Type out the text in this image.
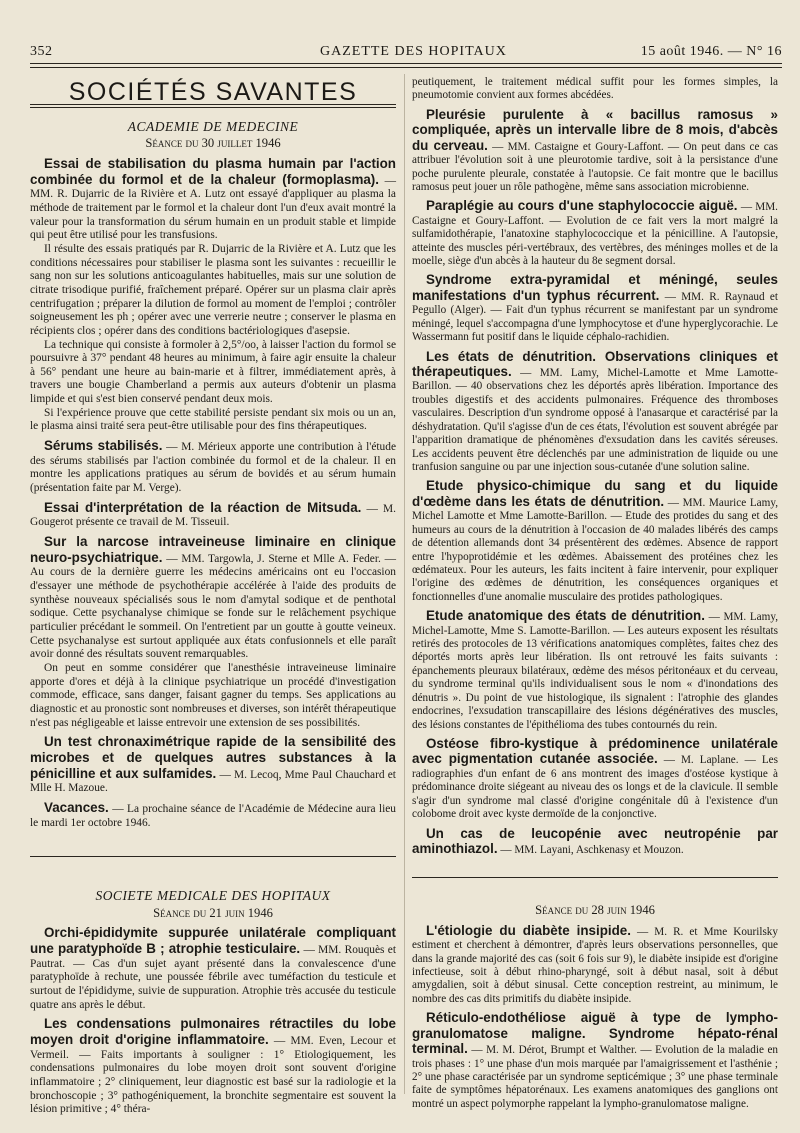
352	GAZETTE DES HOPITAUX	15 août 1946. — N° 16
SOCIÉTÉS SAVANTES
ACADEMIE DE MEDECINE
Séance du 30 juillet 1946

Essai de stabilisation du plasma humain par l'action combinée du formol et de la chaleur (formoplasma). — MM. R. Dujarric de la Rivière et A. Lutz ont essayé d'appliquer au plasma la méthode de traitement par le formol et la chaleur dont l'un d'eux avait montré la valeur pour la transformation du sérum humain en un produit stable et limpide qui peut être utilisé pour les transfusions.

Il résulte des essais pratiqués par R. Dujarric de la Rivière et A. Lutz que les conditions nécessaires pour stabiliser le plasma sont les suivantes : recueillir le sang non sur les solutions anticoagulantes habituelles, mais sur une solution de citrate trisodique purifié, fraîchement préparé. Opérer sur un plasma clair après centrifugation ; préparer la dilution de formol au moment de l'emploi ; contrôler soigneusement les ph ; opérer avec une verrerie neutre ; conserver le plasma en récipients clos ; opérer dans des conditions bactériologiques d'asepsie.

La technique qui consiste à formoler à 2,5°/oo, à laisser l'action du formol se poursuivre à 37° pendant 48 heures au minimum, à faire agir ensuite la chaleur à 56° pendant une heure au bain-marie et à filtrer, immédiatement après, à travers une bougie Chamberland a permis aux auteurs d'obtenir un plasma limpide et qui s'est bien conservé pendant deux mois.

Si l'expérience prouve que cette stabilité persiste pendant six mois ou un an, le plasma ainsi traité sera peut-être utilisable pour des fins thérapeutiques.

Sérums stabilisés. — M. Mérieux apporte une contribution à l'étude des sérums stabilisés par l'action combinée du formol et de la chaleur. Il en montre les applications pratiques au sérum de bovidés et au sérum humain (présentation faite par M. Verge).

Essai d'interprétation de la réaction de Mitsuda. — M. Gougerot présente ce travail de M. Tisseuil.

Sur la narcose intraveineuse liminaire en clinique neuro-psychiatrique. — MM. Targowla, J. Sterne et Mlle A. Feder. — Au cours de la dernière guerre les médecins américains ont eu l'occasion d'essayer une méthode de psychothérapie accélérée à l'aide des produits de synthèse nouveaux spécialisés sous le nom d'amytal sodique et de penthotal sodique. Cette psychanalyse chimique se fonde sur le relâchement psychique particulier précédant le sommeil. On l'entretient par un goutte à goutte veineux. Cette psychanalyse est surtout appliquée aux états confusionnels et elle paraît avoir donné des résultats souvent remarquables.

On peut en somme considérer que l'anesthésie intraveineuse liminaire apporte d'ores et déjà à la clinique psychiatrique un procédé d'investigation commode, efficace, sans danger, faisant gagner du temps. Ses applications au diagnostic et au pronostic sont nombreuses et diverses, son intérêt thérapeutique n'est pas négligeable et laisse entrevoir une extension de ses possibilités.

Un test chronaximétrique rapide de la sensibilité des microbes et de quelques autres substances à la pénicilline et aux sulfamides. — M. Lecoq, Mme Paul Chauchard et Mlle H. Mazoue.

Vacances. — La prochaine séance de l'Académie de Médecine aura lieu le mardi 1er octobre 1946.

SOCIETE MEDICALE DES HOPITAUX
Séance du 21 juin 1946

Orchi-épididymite suppurée unilatérale compliquant une paratyphoïde B ; atrophie testiculaire. — MM. Rouquès et Pautrat. — Cas d'un sujet ayant présenté dans la convalescence d'une paratyphoïde à rechute, une poussée fébrile avec tuméfaction du testicule et surtout de l'épididyme, suivie de suppuration. Atrophie très accusée du testicule quatre ans après le début.

Les condensations pulmonaires rétractiles du lobe moyen droit d'origine inflammatoire. — MM. Even, Lecour et Vermeil. — Faits importants à souligner : 1° Etiologiquement, les condensations pulmonaires du lobe moyen droit sont souvent d'origine inflammatoire ; 2° cliniquement, leur diagnostic est basé sur la radiologie et la bronchoscopie ; 3° pathogéniquement, la bronchite segmentaire est souvent la lésion primitive ; 4° théra-

peutiquement, le traitement médical suffit pour les formes simples, la pneumotomie convient aux formes abcédées.

Pleurésie purulente à « bacillus ramosus » compliquée, après un intervalle libre de 8 mois, d'abcès du cerveau. — MM. Castaigne et Goury-Laffont. — On peut dans ce cas attribuer l'évolution soit à une pleurotomie tardive, soit à la persistance d'une poche purulente pleurale, constatée à l'autopsie. Ce fait montre que le bacillus ramosus peut jouer un rôle pathogène, même sans association microbienne.

Paraplégie au cours d'une staphylococcie aiguë. — MM. Castaigne et Goury-Laffont. — Evolution de ce fait vers la mort malgré la sulfamidothérapie, l'anatoxine staphylococcique et la pénicilline. A l'autopsie, atteinte des muscles péri-vertébraux, des vertèbres, des méninges molles et de la moelle, siège d'un abcès à la hauteur du 8e segment dorsal.

Syndrome extra-pyramidal et méningé, seules manifestations d'un typhus récurrent. — MM. R. Raynaud et Pegullo (Alger). — Fait d'un typhus récurrent se manifestant par un syndrome méningé, lequel s'accompagna d'une lymphocytose et d'une hyperglycorachie. Le Wassermann fut positif dans le liquide céphalo-rachidien.

Les états de dénutrition. Observations cliniques et thérapeutiques. — MM. Lamy, Michel-Lamotte et Mme Lamotte-Barillon. — 40 observations chez les déportés après libération. Importance des troubles digestifs et des accidents pulmonaires. Fréquence des thromboses vasculaires. Description d'un syndrome opposé à l'anasarque et caractérisé par la déshydratation. Qu'il s'agisse d'un de ces états, l'évolution est souvent abrégée par l'apparition dramatique de phénomènes d'exsudation dans les cavités séreuses. Les accidents peuvent être déclenchés par une administration de liquide ou une tranfusion sanguine ou par une injection sous-cutanée d'une solution saline.

Etude physico-chimique du sang et du liquide d'œdème dans les états de dénutrition. — MM. Maurice Lamy, Michel Lamotte et Mme Lamotte-Barillon. — Etude des protides du sang et des humeurs au cours de la dénutrition à l'occasion de 40 malades libérés des camps de détention allemands dont 34 présentèrent des œdèmes. Absence de rapport entre l'hypoprotidémie et les œdèmes. Abaissement des protéines chez les œdémateux. Pour les auteurs, les faits incitent à faire intervenir, pour expliquer l'origine des œdèmes de dénutrition, les conséquences organiques et fonctionnelles d'une anomalie musculaire des protides pathologiques.

Etude anatomique des états de dénutrition. — MM. Lamy, Michel-Lamotte, Mme S. Lamotte-Barillon. — Les auteurs exposent les résultats retirés des protocoles de 13 vérifications anatomiques complètes, faites chez des déportés morts après leur libération. Ils ont retrouvé les faits suivants : épanchements pleuraux bilatéraux, œdème des mésos péritonéaux et du cerveau, du syndrome terminal qu'ils individualisent sous le nom « d'inondations des dénutris ». Du point de vue histologique, ils signalent : l'atrophie des glandes endocrines, l'exsudation transcapillaire des lésions dégénératives des muscles, des lésions constantes de l'épithélioma des tubes contournés du rein.

Ostéose fibro-kystique à prédominence unilatérale avec pigmentation cutanée associée. — M. Laplane. — Les radiographies d'un enfant de 6 ans montrent des images d'ostéose kystique à prédominance droite siégeant au niveau des os longs et de la clavicule. Il semble s'agir d'un syndrome mal classé d'origine congénitale dû à l'existence d'un colobome droit avec kyste dermoïde de la conjonctive.

Un cas de leucopénie avec neutropénie par aminothiazol. — MM. Layani, Aschkenasy et Mouzon.

Séance du 28 juin 1946

L'étiologie du diabète insipide. — M. R. et Mme Kourilsky estiment et cherchent à démontrer, d'après leurs observations personnelles, que dans la grande majorité des cas (soit 6 fois sur 9), le diabète insipide est d'origine infectieuse, soit à début rhino-pharyngé, soit à début nasal, soit à début amygdalien, soit à début sinusal. Cette conception restreint, au minimum, le nombre des cas dits primitifs du diabète insipide.

Réticulo-endothéliose aiguë à type de lympho-granulomatose maligne. Syndrome hépato-rénal terminal. — M. M. Dérot, Brumpt et Walther. — Evolution de la maladie en trois phases : 1° une phase d'un mois marquée par l'amaigrissement et l'asthénie ; 2° une phase caractérisée par un syndrome septicémique ; 3° une phase terminale faite de symptômes hépatorénaux. Les examens anatomiques des ganglions ont montré un aspect polymorphe rappelant la lympho-granulomatose maligne.
